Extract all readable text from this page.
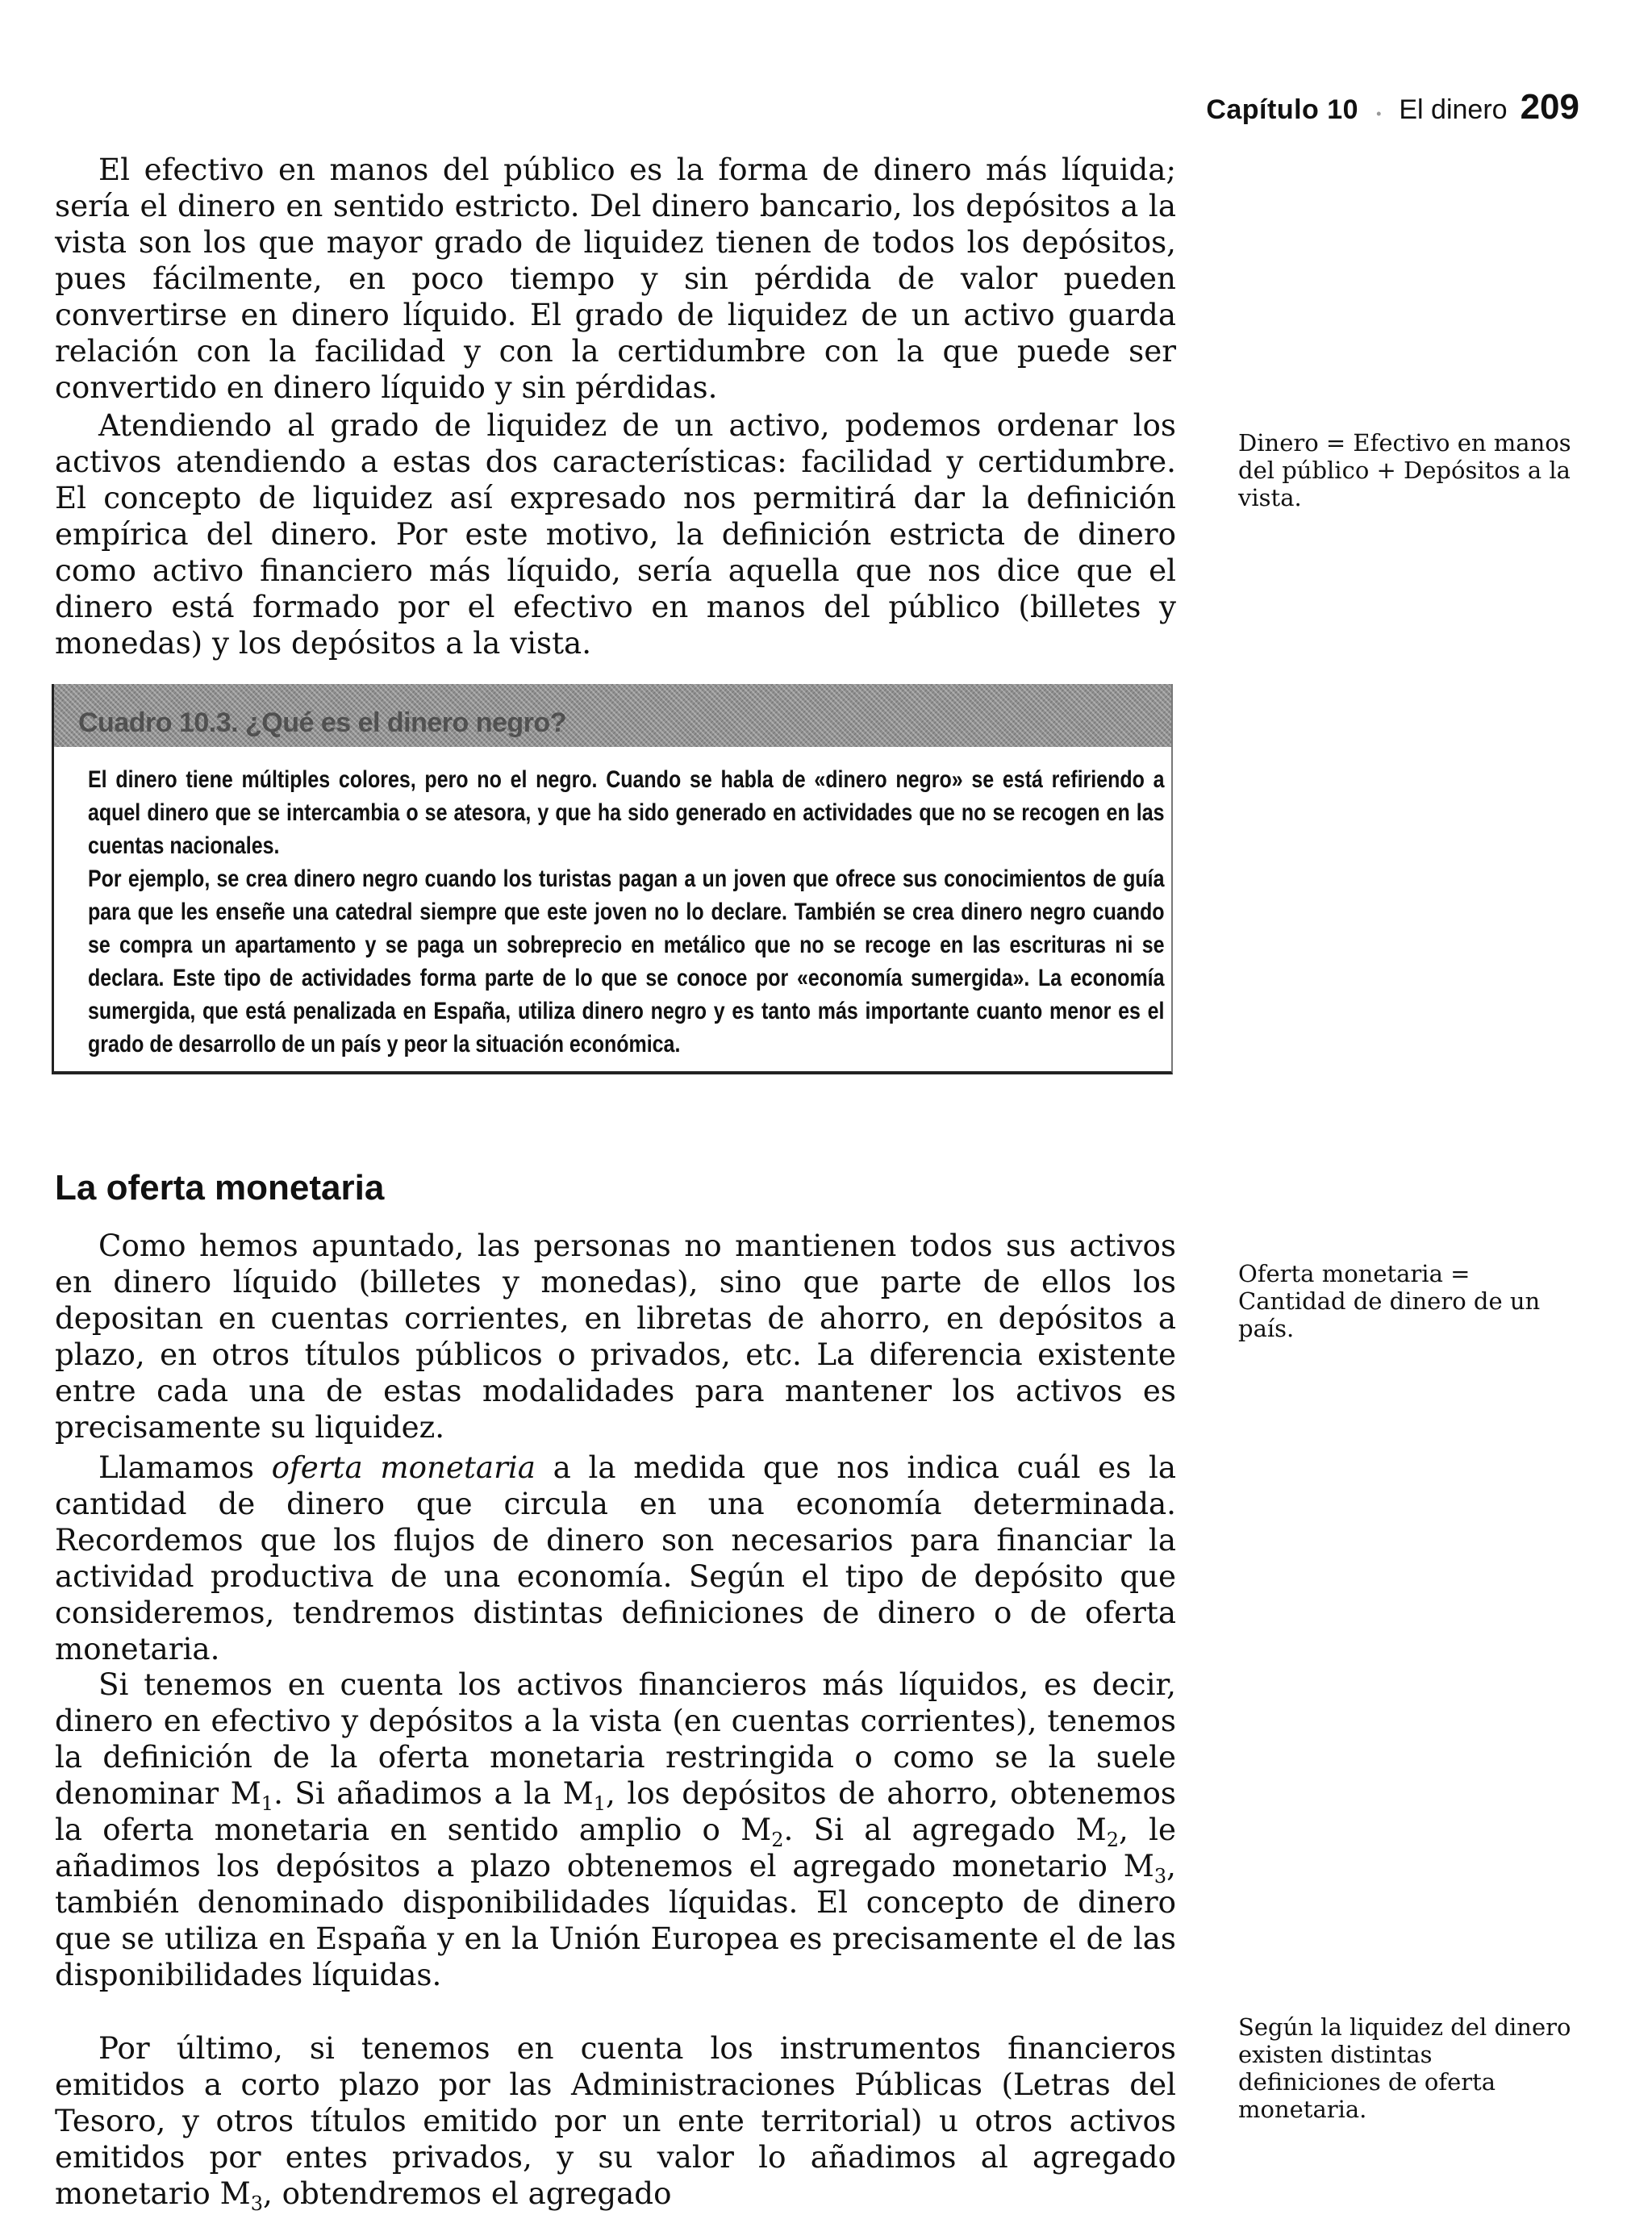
Capítulo 10 • El dinero 209

El efectivo en manos del público es la forma de dinero más líquida; sería el dinero en sentido estricto. Del dinero bancario, los depósitos a la vista son los que mayor grado de liquidez tienen de todos los depósitos, pues fácilmente, en poco tiempo y sin pérdida de valor pueden convertirse en dinero líquido. El grado de liquidez de un activo guarda relación con la facilidad y con la certidumbre con la que puede ser convertido en dinero líquido y sin pérdidas.

Atendiendo al grado de liquidez de un activo, podemos ordenar los activos atendiendo a estas dos características: facilidad y certidumbre. El concepto de liquidez así expresado nos permitirá dar la definición empírica del dinero. Por este motivo, la definición estricta de dinero como activo financiero más líquido, sería aquella que nos dice que el dinero está formado por el efectivo en manos del público (billetes y monedas) y los depósitos a la vista.

Dinero = Efectivo en manos del público + Depósitos a la vista.

Cuadro 10.3. ¿Qué es el dinero negro?
El dinero tiene múltiples colores, pero no el negro. Cuando se habla de «dinero negro» se está refiriendo a aquel dinero que se intercambia o se atesora, y que ha sido generado en actividades que no se recogen en las cuentas nacionales.
Por ejemplo, se crea dinero negro cuando los turistas pagan a un joven que ofrece sus conocimientos de guía para que les enseñe una catedral siempre que este joven no lo declare. También se crea dinero negro cuando se compra un apartamento y se paga un sobreprecio en metálico que no se recoge en las escrituras ni se declara. Este tipo de actividades forma parte de lo que se conoce por «economía sumergida». La economía sumergida, que está penalizada en España, utiliza dinero negro y es tanto más importante cuanto menor es el grado de desarrollo de un país y peor la situación económica.
La oferta monetaria

Como hemos apuntado, las personas no mantienen todos sus activos en dinero líquido (billetes y monedas), sino que parte de ellos los depositan en cuentas corrientes, en libretas de ahorro, en depósitos a plazo, en otros títulos públicos o privados, etc. La diferencia existente entre cada una de estas modalidades para mantener los activos es precisamente su liquidez.

Oferta monetaria = Cantidad de dinero de un país.

Llamamos oferta monetaria a la medida que nos indica cuál es la cantidad de dinero que circula en una economía determinada. Recordemos que los flujos de dinero son necesarios para financiar la actividad productiva de una economía. Según el tipo de depósito que consideremos, tendremos distintas definiciones de dinero o de oferta monetaria.

Si tenemos en cuenta los activos financieros más líquidos, es decir, dinero en efectivo y depósitos a la vista (en cuentas corrientes), tenemos la definición de la oferta monetaria restringida o como se la suele denominar $M_1$. Si añadimos a la $M_1$, los depósitos de ahorro, obtenemos la oferta monetaria en sentido amplio o $M_2$. Si al agregado $M_2$, le añadimos los depósitos a plazo obtenemos el agregado monetario $M_3$, también denominado disponibilidades líquidas. El concepto de dinero que se utiliza en España y en la Unión Europea es precisamente el de las disponibilidades líquidas.

Por último, si tenemos en cuenta los instrumentos financieros emitidos a corto plazo por las Administraciones Públicas (Letras del Tesoro, y otros títulos emitido por un ente territorial) u otros activos emitidos por entes privados, y su valor lo añadimos al agregado monetario $M_3$, obtendremos el agregado

Según la liquidez del dinero existen distintas definiciones de oferta monetaria.
